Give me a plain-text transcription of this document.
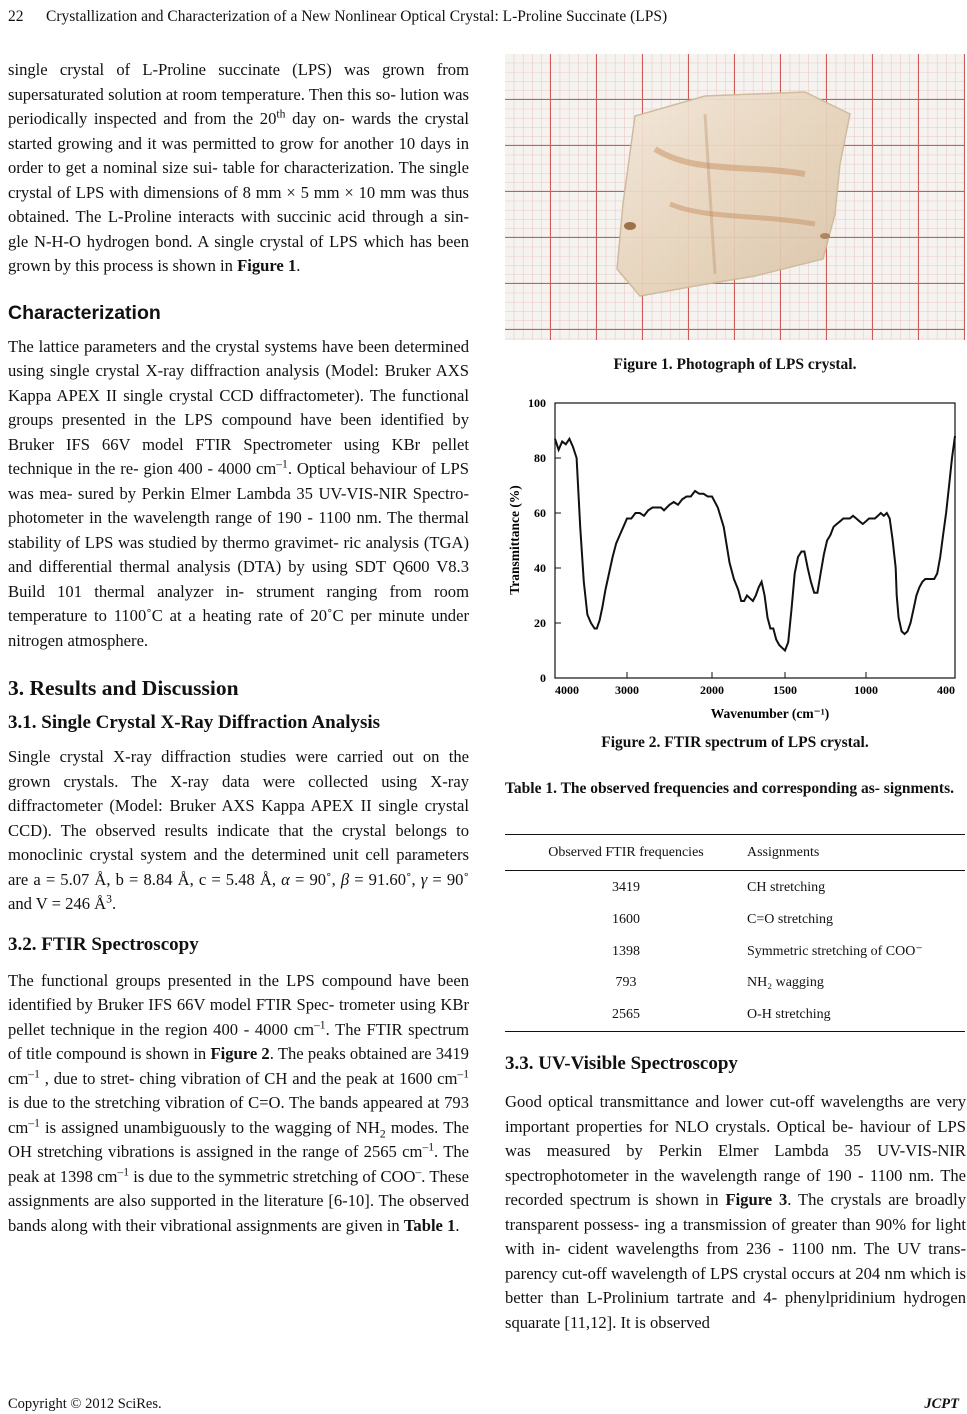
22 Crystallization and Characterization of a New Nonlinear Optical Crystal: L-Proline Succinate (LPS)

single crystal of L-Proline succinate (LPS) was grown from supersaturated solution at room temperature. Then this so- lution was periodically inspected and from the 20th day on- wards the crystal started growing and it was permitted to grow for another 10 days in order to get a nominal size sui- table for characterization. The single crystal of LPS with dimensions of 8 mm × 5 mm × 10 mm was thus obtained. The L-Proline interacts with succinic acid through a sin- gle N-H-O hydrogen bond. A single crystal of LPS which has been grown by this process is shown in Figure 1.

Characterization

The lattice parameters and the crystal systems have been determined using single crystal X-ray diffraction analysis (Model: Bruker AXS Kappa APEX II single crystal CCD diffractometer). The functional groups presented in the LPS compound have been identified by Bruker IFS 66V model FTIR Spectrometer using KBr pellet technique in the re- gion 400 - 4000 $cm^{-1}$. Optical behaviour of LPS was mea- sured by Perkin Elmer Lambda 35 UV-VIS-NIR Spectro- photometer in the wavelength range of 190 - 1100 nm. The thermal stability of LPS was studied by thermo gravimet- ric analysis (TGA) and differential thermal analysis (DTA) by using SDT Q600 V8.3 Build 101 thermal analyzer in- strument ranging from room temperature to 1100˚C at a heating rate of 20˚C per minute under nitrogen atmosphere.

3. Results and Discussion
3.1. Single Crystal X-Ray Diffraction Analysis

Single crystal X-ray diffraction studies were carried out on the grown crystals. The X-ray data were collected using X-ray diffractometer (Model: Bruker AXS Kappa APEX II single crystal CCD). The observed results indicate that the crystal belongs to monoclinic crystal system and the determined unit cell parameters are a = 5.07 Å, b = 8.84 Å, c = 5.48 Å, α = 90˚, β = 91.60˚, γ = 90˚ and V = 246 $Å^3$.

3.2. FTIR Spectroscopy

The functional groups presented in the LPS compound have been identified by Bruker IFS 66V model FTIR Spec- trometer using KBr pellet technique in the region 400 - 4000 $cm^{-1}$. The FTIR spectrum of title compound is shown in Figure 2. The peaks obtained are 3419 $cm^{-1}$ , due to stret- ching vibration of CH and the peak at 1600 $cm^{-1}$ is due to the stretching vibration of C=O. The bands appeared at 793 $cm^{-1}$ is assigned unambiguously to the wagging of $NH_2$ modes. The OH stretching vibrations is assigned in the range of 2565 $cm^{-1}$. The peak at 1398 $cm^{-1}$ is due to the symmetric stretching of COO–. These assignments are also supported in the literature [6-10]. The observed bands along with their vibrational assignments are given in Table 1.

Figure 1. Photograph of LPS crystal.
0
20
40
60
80
100
4000	3000	2000	1500	1000	400
Wavenumber (cm⁻¹)
Transmittance (%)
Figure 2. FTIR spectrum of LPS crystal.
Table 1. The observed frequencies and corresponding as- signments.
Observed FTIR frequencies	Assignments
3419	CH stretching
1600	C=O stretching
1398	Symmetric stretching of COO⁻
793	NH₂ wagging
2565	O-H stretching
3.3. UV-Visible Spectroscopy

Good optical transmittance and lower cut-off wavelengths are very important properties for NLO crystals. Optical be- haviour of LPS was measured by Perkin Elmer Lambda 35 UV-VIS-NIR spectrophotometer in the wavelength range of 190 - 1100 nm. The recorded spectrum is shown in Figure 3. The crystals are broadly transparent possess- ing a transmission of greater than 90% for light with in- cident wavelengths from 236 - 1100 nm. The UV trans- parency cut-off wavelength of LPS crystal occurs at 204 nm which is better than L-Prolinium tartrate and 4- phenylpridinium hydrogen squarate [11,12]. It is observed

Copyright © 2012 SciRes.	JCPT
